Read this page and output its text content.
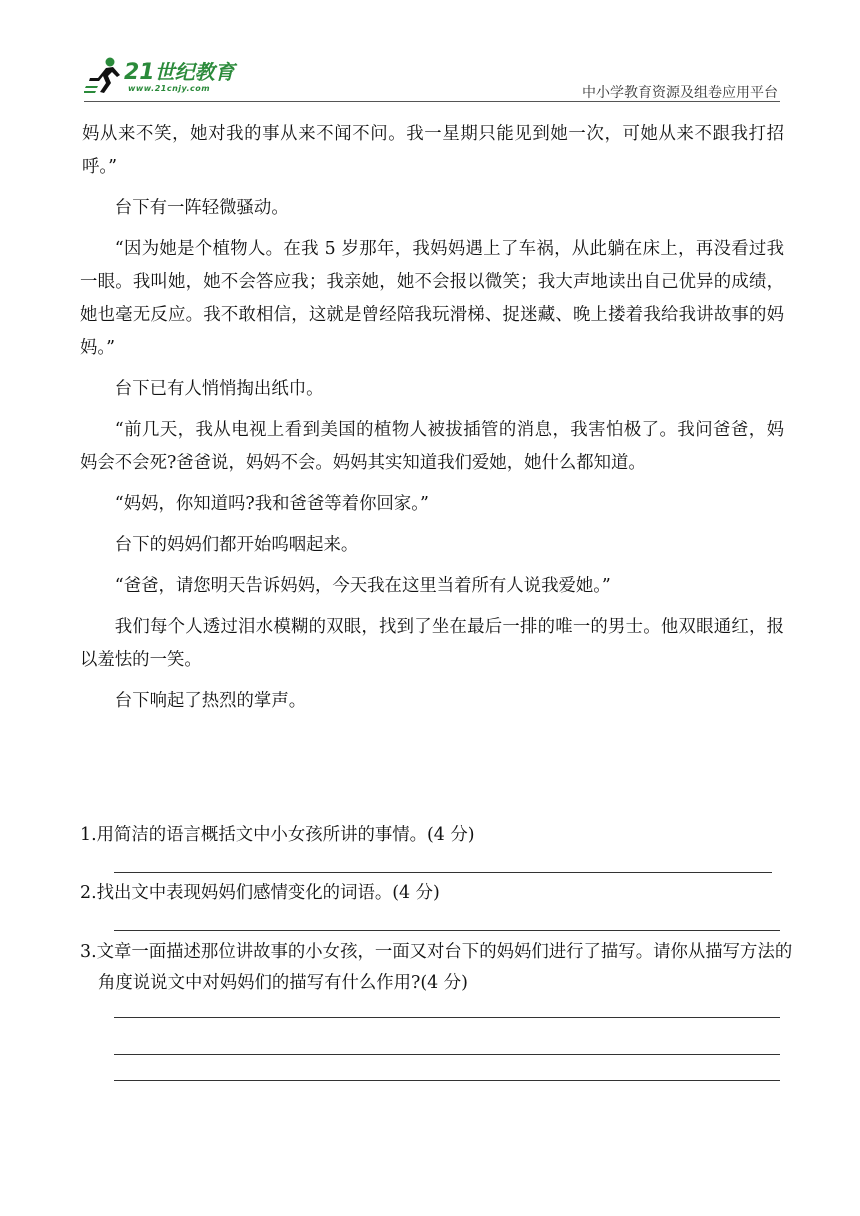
21世纪教育
www.21cnjy.com	中小学教育资源及组卷应用平台

妈从来不笑，她对我的事从来不闻不问。我一星期只能见到她一次，可她从来不跟我打招呼。”

台下有一阵轻微骚动。

“因为她是个植物人。在我 5 岁那年，我妈妈遇上了车祸，从此躺在床上，再没看过我一眼。我叫她，她不会答应我；我亲她，她不会报以微笑；我大声地读出自己优异的成绩，她也毫无反应。我不敢相信，这就是曾经陪我玩滑梯、捉迷藏、晚上搂着我给我讲故事的妈妈。”

台下已有人悄悄掏出纸巾。

“前几天，我从电视上看到美国的植物人被拔插管的消息，我害怕极了。我问爸爸，妈妈会不会死?爸爸说，妈妈不会。妈妈其实知道我们爱她，她什么都知道。

“妈妈，你知道吗?我和爸爸等着你回家。”

台下的妈妈们都开始呜咽起来。

“爸爸，请您明天告诉妈妈，今天我在这里当着所有人说我爱她。”

我们每个人透过泪水模糊的双眼，找到了坐在最后一排的唯一的男士。他双眼通红，报以羞怯的一笑。

台下响起了热烈的掌声。

1.用简洁的语言概括文中小女孩所讲的事情。(4 分)
2.找出文中表现妈妈们感情变化的词语。(4 分)
3.文章一面描述那位讲故事的小女孩，一面又对台下的妈妈们进行了描写。请你从描写方法的角度说说文中对妈妈们的描写有什么作用?(4 分)
